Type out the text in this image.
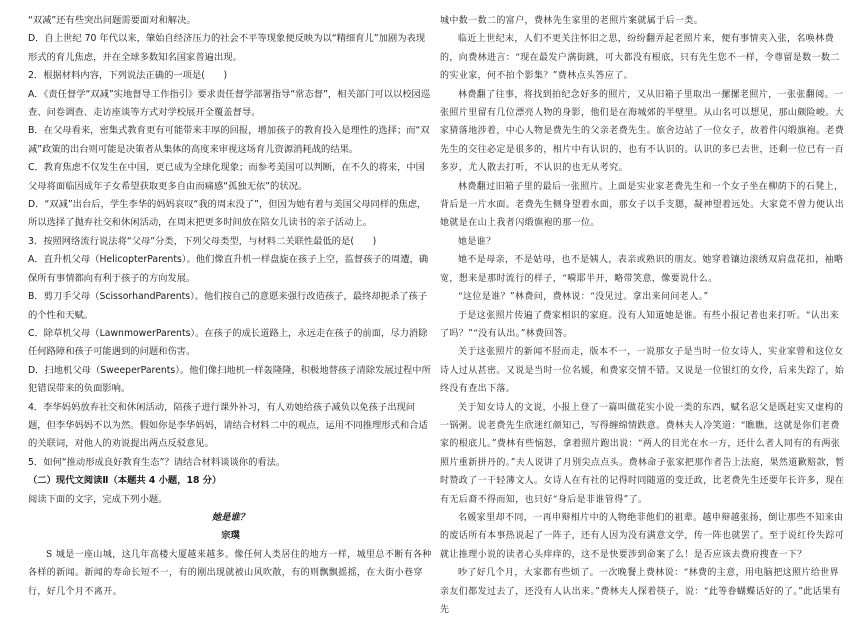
“双减”还有些突出问题需要面对和解决。

D．自上世纪 70 年代以来，肇始自经济压力的社会不平等现象便反映为以“精细育儿”加剧为表现形式的育儿焦虑，并在全球多数知名国家普遍出现。

2．根据材料内容，下列说法正确的一项是(　　)

A．《责任督学“双减”实地督导工作指引》要求责任督学部署指导“常态督”，相关部门可以以校园巡查、问卷调查、走访座谈等方式对学校展开全覆盖督导。

B．在父母看来，密集式教育更有可能带来丰厚的回报，增加孩子的教育投入是理性的选择；而“双减”政策的出台则可能是决策者从集体的高度来审视这场育儿资源消耗战的结果。

C．教育焦虑不仅发生在中国，更已成为全球化现象；而参考美国可以判断，在不久的将来，中国父母将面临因成年子女希望获取更多自由而痛感“孤独无依”的状况。

D．“双减”出台后，学生李华的妈妈哀叹“我的周末没了”，但因为她有着与美国父母同样的焦虑，所以选择了抛弃社交和休闲活动，在周末把更多时间放在陪女儿读书的亲子活动上。

3．按照网络流行说法将“父母”分类，下列父母类型，与材料二关联性最低的是(　　)

A．直升机父母（HelicopterParents）。他们像直升机一样盘旋在孩子上空，监督孩子的周遭，确保所有事情都向有利于孩子的方向发展。

B．剪刀手父母（ScissorhandParents）。他们按自己的意愿来强行改造孩子，最终却扼杀了孩子的个性和天赋。

C．除草机父母（LawnmowerParents）。在孩子的成长道路上，永远走在孩子的前面，尽力消除任何路障和孩子可能遇到的问题和伤害。

D．扫地机父母（SweeperParents）。他们像扫地机一样轰隆隆，积极地替孩子清除发展过程中所犯错误带来的负面影响。

4．李华妈妈放弃社交和休闲活动，陪孩子进行课外补习，有人劝她给孩子减负以免孩子出现问题，但李华妈妈不以为然。假如你是李华妈妈，请结合材料二中的观点，运用不同推理形式和合适的关联词，对他人的劝说提出两点反驳意见。

5．如何“推动形成良好教育生态”？请结合材料谈谈你的看法。

（二）现代文阅读Ⅱ（本题共 4 小题，18 分）

阅读下面的文字，完成下列小题。

她是谁？

宗璞

S 城是一座山城，这几年高楼大厦越来越多。像任何人类居住的地方一样，城里总不断有各种各样的新闻。新闻的寿命长短不一，有的刚出现就被山风吹散，有的则飘飘摇摇，在大街小巷穿行，好几个月不离开。

城中数一数二的富户，费林先生家里的老照片案就属于后一类。

临近上世纪末，人们不更关注怀旧之思，纷纷翻弄起老照片来，便有事情夹入张，名唤林费的，向费林进言：“现在最发户满街跳，可大都没有根底，只有先生您不一样，令尊留是数一数二的实业家，何不拍个影集？”费林点头答应了。

林费翻了往事，将找到拍纪念好多的照片，又从旧箱子里取出一摞摞老照片，一张张翻阅。一张照片里留有几位漂亮人物的身影，他们是在海城郊的半壁里。从山名可以想见，那山颇险峻。大家猜落地涉着，中心人物是费先生的父亲老费先生。旅舍边站了一位女子，故着件闪缎旗袍。老费先生的交往必定是很多的，相片中有认识的，也有不认识的。认识的多已去世，还剩一位已有一百多岁，尤人散去打听，不认识的也无从考究。

林费翻过旧箱子里的最后一张照片。上面是实业家老费先生和一个女子坐在柳荫下的石凳上，背后是一片水面。老费先生侧身望着水面，那女子以手支腮，凝神望着远处。大家竟不曾力便认出她就是在山上我者闪缎旗袍的那一位。

她是谁？

她不是母亲，不是姑母，也不是姨人，表亲或熟识的朋友。她穿着镶边滚绣双肩盘花扣，袖略宽，想来是那时流行的样子，“嗬耶半开，略带笑意，像要说什么。

“这位是谁？”林费问，费林说：“没见过。拿出来问问老人。”

于是这张照片传遍了费家相识的家庭。没有人知道她是谁。有些小报记者也来打听。“认出来了吗？”“没有认出。”林费回答。

关于这张照片的新闻不胫而走，版本不一，一说那女子是当时一位女诗人，实业家曾和这位女诗人过从甚密。又说是当时一位名媛，和费家交情不错。又说是一位银红的女伶，后来失踪了，始终没有查出下落。

关于知女诗人的文说，小报上登了一篇叫做花实小说一类的东西，赋名忍父是既赶实又虚构的一锅粥。说老费先生欣迷红颜知己，写得缠绵情跌意。费林夫人冷笑道：“瞧瞧，这就是你们老费家的根底儿。”费林有些恼怒，拿着照片跑出说：“两人的目光在水一方，还什么者人同有的有两张照片重新拼丹的。”夫人说讲了月别尖点点头。费林命子张家把那作者告上法庭，果然道歉赔款，暂时赞政了一干轻薄文人。女诗人在有社的记得时同随道的变迁政，比老费先生还要年长许多，现在有无后裔不得而知，也只好“身后是非谁管得”了。

名媛家里却不同，一再申辩相片中的人物绝非他们的祖辈。越申辩越张扬，倒让那些不知来由的废话所有本事热说起了一阵子，还有人因为没有满意文学，传一阵也就罢了。至于说红伶失踪可就让推理小说的读者心头痒痒的，这不是快要涉到命案了么！是否应该去费府搜查一下？

吵了好几个月，大家都有些烦了。一次晚餐上费林说：“林费的主意，用电脑把这照片给世界亲友们都发过去了，还没有人认出来。”费林夫人探着筷子，说：“此等眷蝴蝶话好的了。”此话果有先
